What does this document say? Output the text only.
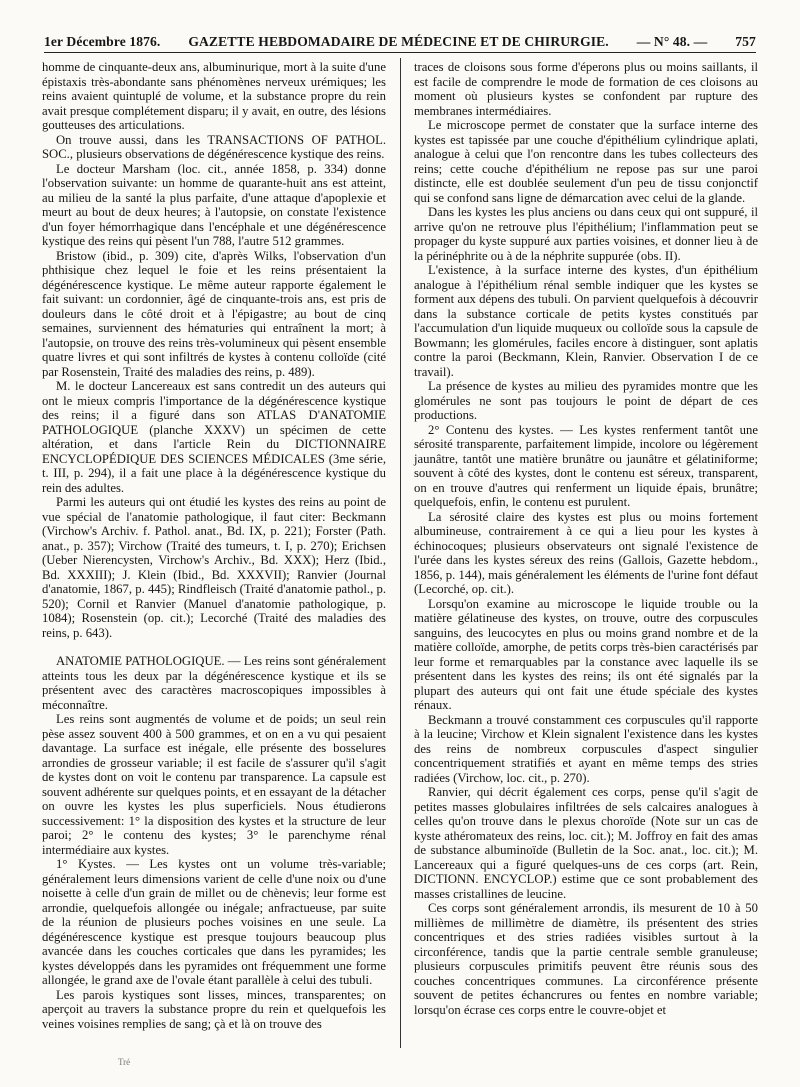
1er Décembre 1876. GAZETTE HEBDOMADAIRE DE MÉDECINE ET DE CHIRURGIE. — N° 48. — 757

homme de cinquante-deux ans, albuminurique, mort à la suite d'une épistaxis très-abondante sans phénomènes nerveux urémiques; les reins avaient quintuplé de volume, et la substance propre du rein avait presque complétement disparu; il y avait, en outre, des lésions goutteuses des articulations.

On trouve aussi, dans les TRANSACTIONS OF PATHOL. SOC., plusieurs observations de dégénérescence kystique des reins.

Le docteur Marsham (loc. cit., année 1858, p. 334) donne l'observation suivante: un homme de quarante-huit ans est atteint, au milieu de la santé la plus parfaite, d'une attaque d'apoplexie et meurt au bout de deux heures; à l'autopsie, on constate l'existence d'un foyer hémorrhagique dans l'encéphale et une dégénérescence kystique des reins qui pèsent l'un 788, l'autre 512 grammes.

Bristow (ibid., p. 309) cite, d'après Wilks, l'observation d'un phthisique chez lequel le foie et les reins présentaient la dégénérescence kystique. Le même auteur rapporte également le fait suivant: un cordonnier, âgé de cinquante-trois ans, est pris de douleurs dans le côté droit et à l'épigastre; au bout de cinq semaines, surviennent des hématuries qui entraînent la mort; à l'autopsie, on trouve des reins très-volumineux qui pèsent ensemble quatre livres et qui sont infiltrés de kystes à contenu colloïde (cité par Rosenstein, Traité des maladies des reins, p. 489).

M. le docteur Lancereaux est sans contredit un des auteurs qui ont le mieux compris l'importance de la dégénérescence kystique des reins; il a figuré dans son ATLAS D'ANATOMIE PATHOLOGIQUE (planche XXXV) un spécimen de cette altération, et dans l'article Rein du DICTIONNAIRE ENCYCLOPÉDIQUE DES SCIENCES MÉDICALES (3me série, t. III, p. 294), il a fait une place à la dégénérescence kystique du rein des adultes.

Parmi les auteurs qui ont étudié les kystes des reins au point de vue spécial de l'anatomie pathologique, il faut citer: Beckmann (Virchow's Archiv. f. Pathol. anat., Bd. IX, p. 221); Forster (Path. anat., p. 357); Virchow (Traité des tumeurs, t. I, p. 270); Erichsen (Ueber Nierencysten, Virchow's Archiv., Bd. XXX); Herz (Ibid., Bd. XXXIII); J. Klein (Ibid., Bd. XXXVII); Ranvier (Journal d'anatomie, 1867, p. 445); Rindfleisch (Traité d'anatomie pathol., p. 520); Cornil et Ranvier (Manuel d'anatomie pathologique, p. 1084); Rosenstein (op. cit.); Lecorché (Traité des maladies des reins, p. 643).

ANATOMIE PATHOLOGIQUE. — Les reins sont généralement atteints tous les deux par la dégénérescence kystique et ils se présentent avec des caractères macroscopiques impossibles à méconnaître.

Les reins sont augmentés de volume et de poids; un seul rein pèse assez souvent 400 à 500 grammes, et on en a vu qui pesaient davantage. La surface est inégale, elle présente des bosselures arrondies de grosseur variable; il est facile de s'assurer qu'il s'agit de kystes dont on voit le contenu par transparence. La capsule est souvent adhérente sur quelques points, et en essayant de la détacher on ouvre les kystes les plus superficiels. Nous étudierons successivement: 1° la disposition des kystes et la structure de leur paroi; 2° le contenu des kystes; 3° le parenchyme rénal intermédiaire aux kystes.

1° Kystes. — Les kystes ont un volume très-variable; généralement leurs dimensions varient de celle d'une noix ou d'une noisette à celle d'un grain de millet ou de chènevis; leur forme est arrondie, quelquefois allongée ou inégale; anfractueuse, par suite de la réunion de plusieurs poches voisines en une seule. La dégénérescence kystique est presque toujours beaucoup plus avancée dans les couches corticales que dans les pyramides; les kystes développés dans les pyramides ont fréquemment une forme allongée, le grand axe de l'ovale étant parallèle à celui des tubuli.

Les parois kystiques sont lisses, minces, transparentes; on aperçoit au travers la substance propre du rein et quelquefois les veines voisines remplies de sang; çà et là on trouve des

traces de cloisons sous forme d'éperons plus ou moins saillants, il est facile de comprendre le mode de formation de ces cloisons au moment où plusieurs kystes se confondent par rupture des membranes intermédiaires.

Le microscope permet de constater que la surface interne des kystes est tapissée par une couche d'épithélium cylindrique aplati, analogue à celui que l'on rencontre dans les tubes collecteurs des reins; cette couche d'épithélium ne repose pas sur une paroi distincte, elle est doublée seulement d'un peu de tissu conjonctif qui se confond sans ligne de démarcation avec celui de la glande.

Dans les kystes les plus anciens ou dans ceux qui ont suppuré, il arrive qu'on ne retrouve plus l'épithélium; l'inflammation peut se propager du kyste suppuré aux parties voisines, et donner lieu à de la périnéphrite ou à de la néphrite suppurée (obs. II).

L'existence, à la surface interne des kystes, d'un épithélium analogue à l'épithélium rénal semble indiquer que les kystes se forment aux dépens des tubuli. On parvient quelquefois à découvrir dans la substance corticale de petits kystes constitués par l'accumulation d'un liquide muqueux ou colloïde sous la capsule de Bowmann; les glomérules, faciles encore à distinguer, sont aplatis contre la paroi (Beckmann, Klein, Ranvier. Observation I de ce travail).

La présence de kystes au milieu des pyramides montre que les glomérules ne sont pas toujours le point de départ de ces productions.

2° Contenu des kystes. — Les kystes renferment tantôt une sérosité transparente, parfaitement limpide, incolore ou légèrement jaunâtre, tantôt une matière brunâtre ou jaunâtre et gélatiniforme; souvent à côté des kystes, dont le contenu est séreux, transparent, on en trouve d'autres qui renferment un liquide épais, brunâtre; quelquefois, enfin, le contenu est purulent.

La sérosité claire des kystes est plus ou moins fortement albumineuse, contrairement à ce qui a lieu pour les kystes à échinocoques; plusieurs observateurs ont signalé l'existence de l'urée dans les kystes séreux des reins (Gallois, Gazette hebdom., 1856, p. 144), mais généralement les éléments de l'urine font défaut (Lecorché, op. cit.).

Lorsqu'on examine au microscope le liquide trouble ou la matière gélatineuse des kystes, on trouve, outre des corpuscules sanguins, des leucocytes en plus ou moins grand nombre et de la matière colloïde, amorphe, de petits corps très-bien caractérisés par leur forme et remarquables par la constance avec laquelle ils se présentent dans les kystes des reins; ils ont été signalés par la plupart des auteurs qui ont fait une étude spéciale des kystes rénaux.

Beckmann a trouvé constamment ces corpuscules qu'il rapporte à la leucine; Virchow et Klein signalent l'existence dans les kystes des reins de nombreux corpuscules d'aspect singulier concentriquement stratifiés et ayant en même temps des stries radiées (Virchow, loc. cit., p. 270).

Ranvier, qui décrit également ces corps, pense qu'il s'agit de petites masses globulaires infiltrées de sels calcaires analogues à celles qu'on trouve dans le plexus choroïde (Note sur un cas de kyste athéromateux des reins, loc. cit.); M. Joffroy en fait des amas de substance albuminoïde (Bulletin de la Soc. anat., loc. cit.); M. Lancereaux qui a figuré quelques-uns de ces corps (art. Rein, DICTIONN. ENCYCLOP.) estime que ce sont probablement des masses cristallines de leucine.

Ces corps sont généralement arrondis, ils mesurent de 10 à 50 millièmes de millimètre de diamètre, ils présentent des stries concentriques et des stries radiées visibles surtout à la circonférence, tandis que la partie centrale semble granuleuse; plusieurs corpuscules primitifs peuvent être réunis sous des couches concentriques communes. La circonférence présente souvent de petites échancrures ou fentes en nombre variable; lorsqu'on écrase ces corps entre le couvre-objet et

Tré
